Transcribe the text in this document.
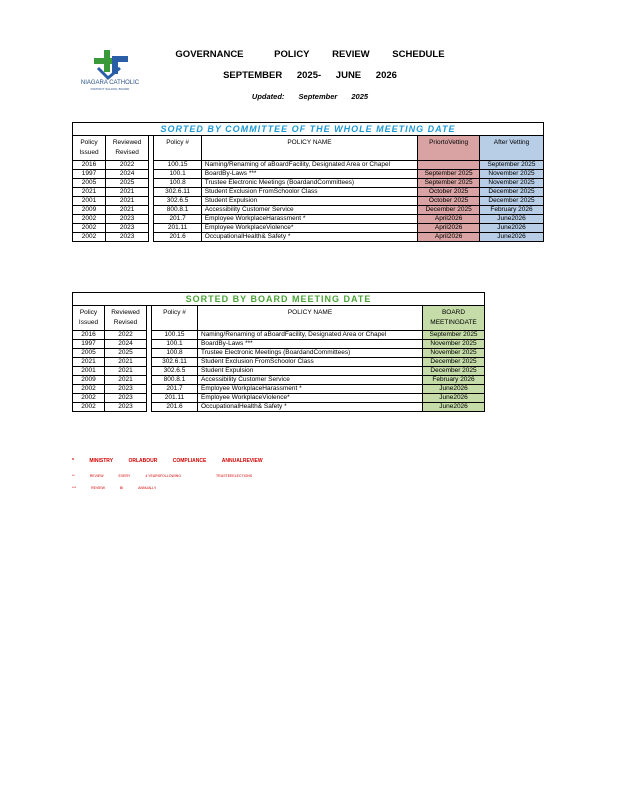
NIAGARA CATHOLIC
DISTRICT SCHOOL BOARD
GOVERNANCE	POLICY REVIEW SCHEDULE
SEPTEMBER 2025- JUNE 2026
Updated: September 2025
SORTED BY COMMITTEE OF THE WHOLE MEETING DATE						
Policy Issued	Reviewed Revised		Policy #	POLICY NAME	PriortoVetting	After Vetting
2016	2022		100.15	Naming/Renaming of aBoardFacility, Designated Area or Chapel		September 2025
1997	2024		100.1	BoardBy-Laws ***	September 2025	November 2025
2005	2025		100.8	Trustee Electronic Meetings (BoardandCommittees)	September 2025	November 2025
2021	2021		302.6.11	Student Exclusion FromSchoolor Class	October 2025	December 2025
2001	2021		302.6.5	Student Expulsion	October 2025	December 2025
2009	2021		800.8.1	Accessibility Customer Service	December 2025	February 2026
2002	2023		201.7	Employee WorkplaceHarassment *	April2026	June2026
2002	2023		201.11	Employee WorkplaceViolence*	April2026	June2026
2002	2023		201.6	OccupationalHealth& Safety *	April2026	June2026
SORTED BY BOARD MEETING DATE					
Policy Issued	Reviewed Revised		Policy #	POLICY NAME	BOARD MEETINGDATE
2016	2022		100.15	Naming/Renaming of aBoardFacility, Designated Area or Chapel	September 2025
1997	2024		100.1	BoardBy-Laws ***	November 2025
2005	2025		100.8	Trustee Electronic Meetings (BoardandCommittees)	November 2025
2021	2021		302.6.11	Student Exclusion FromSchoolor Class	December 2025
2001	2021		302.6.5	Student Expulsion	December 2025
2009	2021		800.8.1	Accessibility Customer Service	February 2026
2002	2023		201.7	Employee WorkplaceHarassment *	June2026
2002	2023		201.11	Employee WorkplaceViolence*	June2026
2002	2023		201.6	OccupationalHealth& Safety *	June2026
*	MINISTRY	ORLABOUR	COMPLIANCE	ANNUALREVIEW
**	REVIEW	EVERY	4 YEARSFOLLOWING	TRUSTEEELECTIONS
***	REVIEW	BI	ANNUALLY
